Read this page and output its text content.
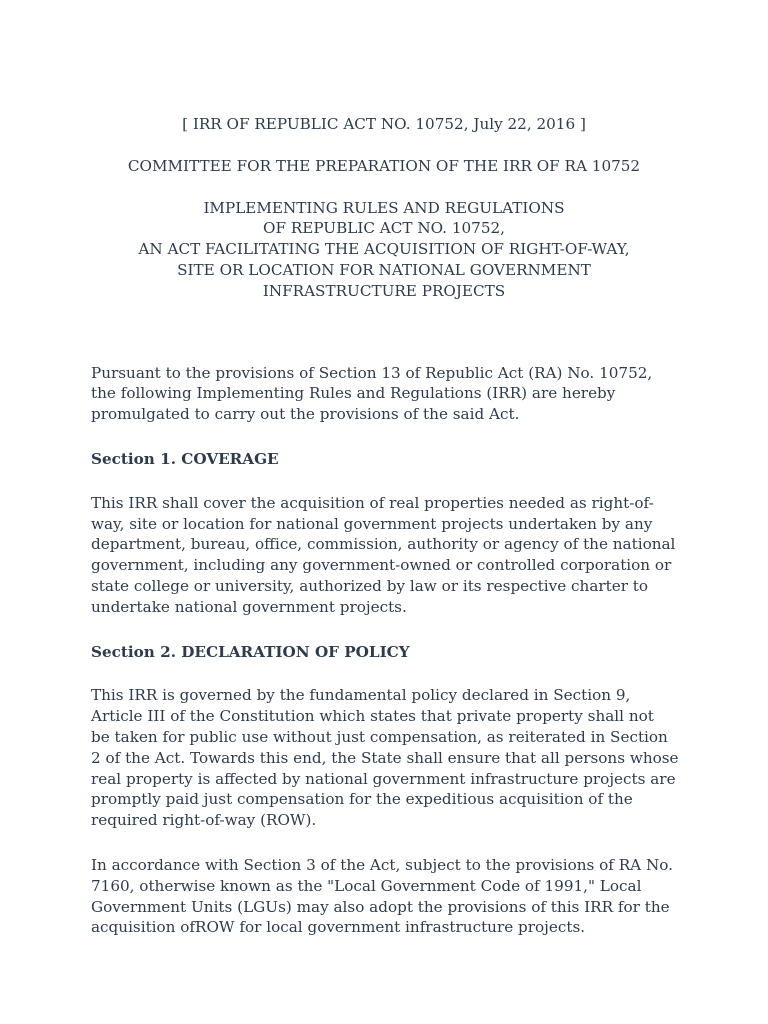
[ IRR OF REPUBLIC ACT NO. 10752, July 22, 2016 ]

COMMITTEE FOR THE PREPARATION OF THE IRR OF RA 10752

IMPLEMENTING RULES AND REGULATIONS

OF REPUBLIC ACT NO. 10752,

AN ACT FACILITATING THE ACQUISITION OF RIGHT-OF-WAY,

SITE OR LOCATION FOR NATIONAL GOVERNMENT

INFRASTRUCTURE PROJECTS

Pursuant to the provisions of Section 13 of Republic Act (RA) No. 10752,
the following Implementing Rules and Regulations (IRR) are hereby
promulgated to carry out the provisions of the said Act.

Section 1. COVERAGE

This IRR shall cover the acquisition of real properties needed as right-of-
way, site or location for national government projects undertaken by any
department, bureau, office, commission, authority or agency of the national
government, including any government-owned or controlled corporation or
state college or university, authorized by law or its respective charter to
undertake national government projects.

Section 2. DECLARATION OF POLICY

This IRR is governed by the fundamental policy declared in Section 9,
Article III of the Constitution which states that private property shall not
be taken for public use without just compensation, as reiterated in Section
2 of the Act. Towards this end, the State shall ensure that all persons whose
real property is affected by national government infrastructure projects are
promptly paid just compensation for the expeditious acquisition of the
required right-of-way (ROW).

In accordance with Section 3 of the Act, subject to the provisions of RA No.
7160, otherwise known as the "Local Government Code of 1991," Local
Government Units (LGUs) may also adopt the provisions of this IRR for the
acquisition ofROW for local government infrastructure projects.
